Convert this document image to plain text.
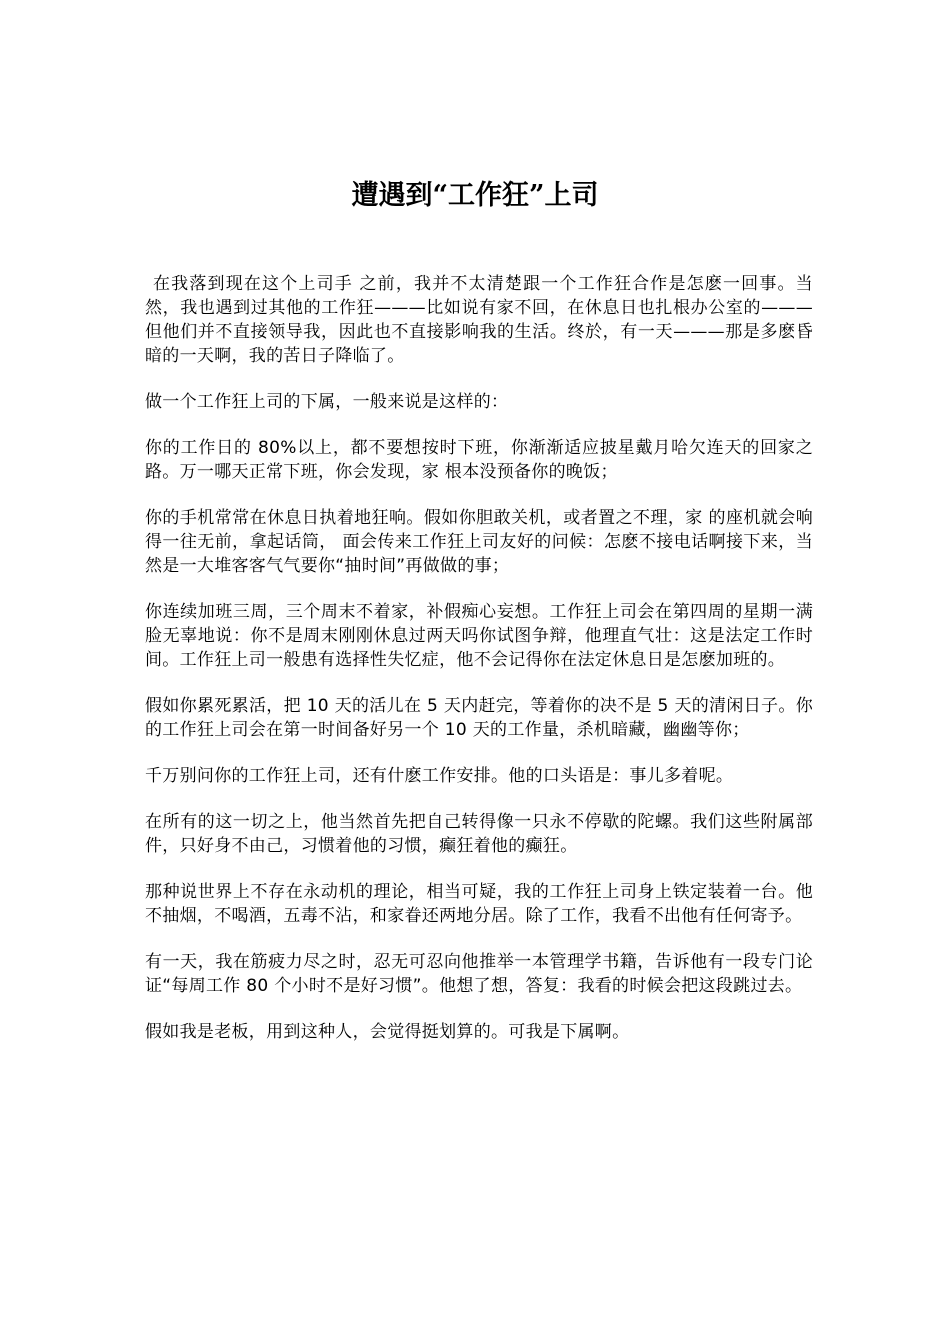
遭遇到“工作狂”上司

在我落到现在这个上司手 之前，我并不太清楚跟一个工作狂合作是怎麽一回事。当然，我也遇到过其他的工作狂———比如说有家不回，在休息日也扎根办公室的———但他们并不直接领导我，因此也不直接影响我的生活。终於，有一天———那是多麽昏暗的一天啊，我的苦日子降临了。

做一个工作狂上司的下属，一般来说是这样的：

你的工作日的 80%以上，都不要想按时下班，你渐渐适应披星戴月哈欠连天的回家之路。万一哪天正常下班，你会发现，家 根本没预备你的晚饭；

你的手机常常在休息日执着地狂响。假如你胆敢关机，或者置之不理，家 的座机就会响得一往无前，拿起话筒， 面会传来工作狂上司友好的问候：怎麽不接电话啊接下来，当然是一大堆客客气气要你“抽时间”再做做的事；

你连续加班三周，三个周末不着家，补假痴心妄想。工作狂上司会在第四周的星期一满脸无辜地说：你不是周末刚刚休息过两天吗你试图争辩，他理直气壮：这是法定工作时间。工作狂上司一般患有选择性失忆症，他不会记得你在法定休息日是怎麽加班的。

假如你累死累活，把 10 天的活儿在 5 天内赶完，等着你的决不是 5 天的清闲日子。你的工作狂上司会在第一时间备好另一个 10 天的工作量，杀机暗藏，幽幽等你；

千万别问你的工作狂上司，还有什麽工作安排。他的口头语是：事儿多着呢。

在所有的这一切之上，他当然首先把自己转得像一只永不停歇的陀螺。我们这些附属部件，只好身不由己，习惯着他的习惯，癫狂着他的癫狂。

那种说世界上不存在永动机的理论，相当可疑，我的工作狂上司身上铁定装着一台。他不抽烟，不喝酒，五毒不沾，和家眷还两地分居。除了工作，我看不出他有任何寄予。

有一天，我在筋疲力尽之时，忍无可忍向他推举一本管理学书籍，告诉他有一段专门论证“每周工作 80 个小时不是好习惯”。他想了想，答复：我看的时候会把这段跳过去。

假如我是老板，用到这种人，会觉得挺划算的。可我是下属啊。
